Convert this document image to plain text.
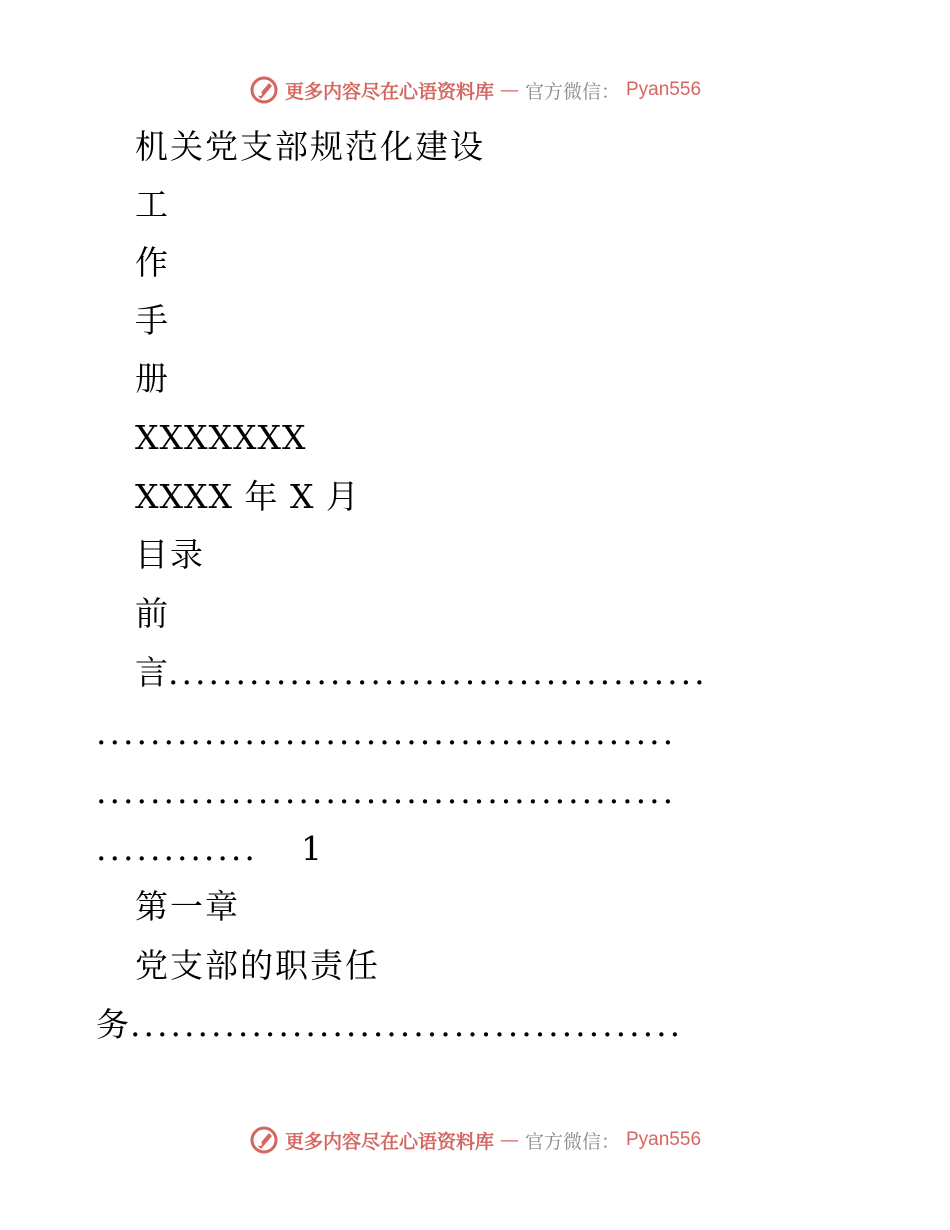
更多内容尽在心语资料库 — 官方微信： Pyan556
机关党支部规范化建设
工
作
手
册
XXXXXXX
XXXX 年 X 月
目录
前
言
........................................
...........................................
...........................................
............	1
第一章
党支部的职责任
务 .........................................
更多内容尽在心语资料库 — 官方微信： Pyan556
